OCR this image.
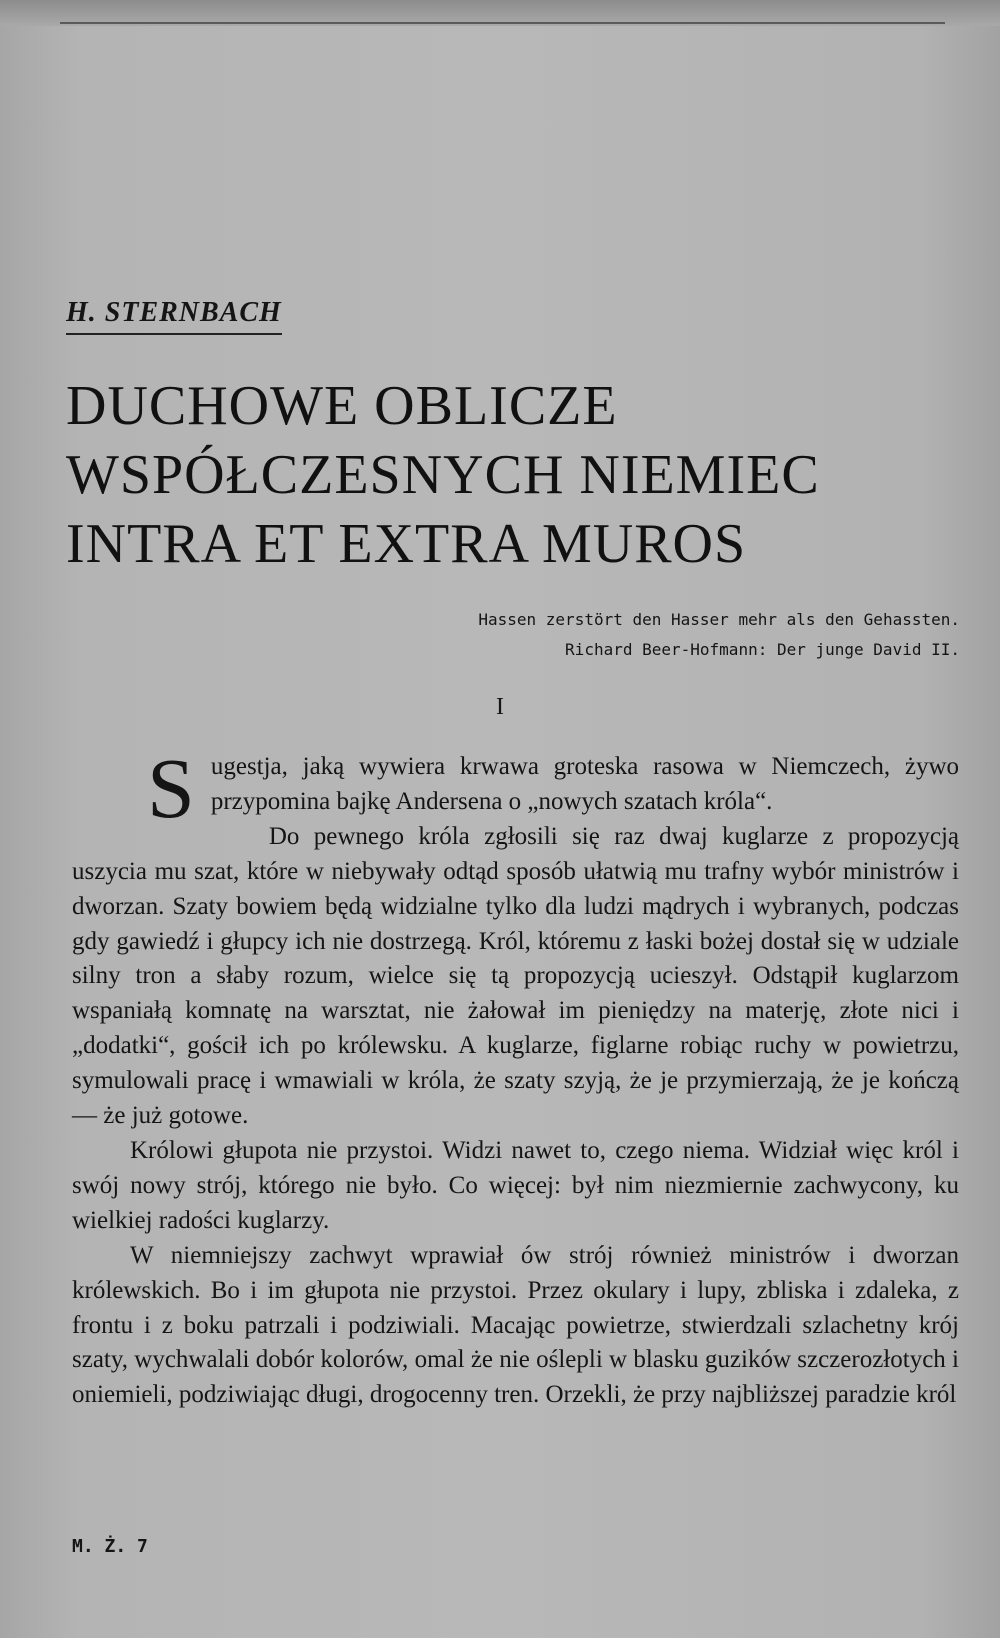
H. STERNBACH
DUCHOWE OBLICZE
WSPÓŁCZESNYCH NIEMIEC
INTRA ET EXTRA MUROS

Hassen zerstört den Hasser mehr als den Gehassten.

Richard Beer-Hofmann: Der junge David II.

I

Sugestja, jaką wywiera krwawa groteska rasowa w Niemczech, żywo przypomina bajkę Andersena o „nowych szatach króla“.

Do pewnego króla zgłosili się raz dwaj kuglarze z propozycją uszycia mu szat, które w niebywały odtąd sposób ułatwią mu trafny wybór ministrów i dworzan. Szaty bowiem będą widzialne tylko dla ludzi mądrych i wybranych, podczas gdy gawiedź i głupcy ich nie dostrzegą. Król, któremu z łaski bożej dostał się w udziale silny tron a słaby rozum, wielce się tą propozycją ucieszył. Odstąpił kuglarzom wspaniałą komnatę na warsztat, nie żałował im pieniędzy na materję, złote nici i „dodatki“, gościł ich po królewsku. A kuglarze, figlarne robiąc ruchy w powietrzu, symulowali pracę i wmawiali w króla, że szaty szyją, że je przymierzają, że je kończą — że już gotowe.

Królowi głupota nie przystoi. Widzi nawet to, czego niema. Widział więc król i swój nowy strój, którego nie było. Co więcej: był nim niezmiernie zachwycony, ku wielkiej radości kuglarzy.

W niemniejszy zachwyt wprawiał ów strój również ministrów i dworzan królewskich. Bo i im głupota nie przystoi. Przez okulary i lupy, zbliska i zdaleka, z frontu i z boku patrzali i podziwiali. Macając powietrze, stwierdzali szlachetny krój szaty, wychwalali dobór kolorów, omal że nie oślepli w blasku guzików szczerozłotych i oniemieli, podziwiając długi, drogocenny tren. Orzekli, że przy najbliższej paradzie król

M. Ż. 7
